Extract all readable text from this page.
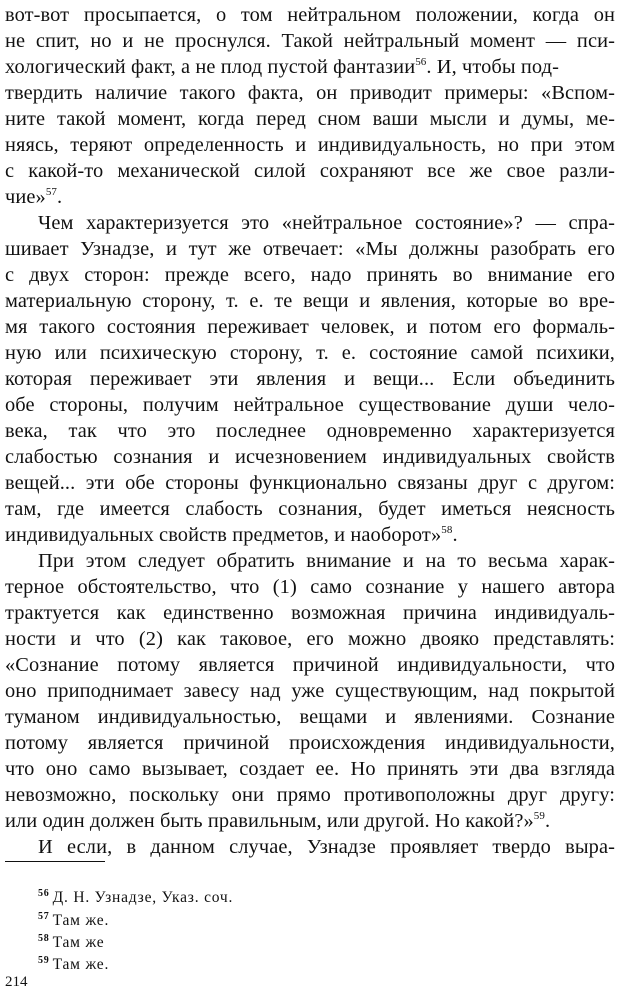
вот-вот просыпается, о том нейтральном положении, когда он
не спит, но и не проснулся. Такой нейтральный момент — пси-
хологический факт, а не плод пустой фантазии$^{56}$. И, чтобы под-
твердить наличие такого факта, он приводит примеры: «Вспом-
ните такой момент, когда перед сном ваши мысли и думы, ме-
няясь, теряют определенность и индивидуальность, но при этом
с какой-то механической силой сохраняют все же свое разли-
чие»$^{57}$.
Чем характеризуется это «нейтральное состояние»? — спра-
шивает Узнадзе, и тут же отвечает: «Мы должны разобрать его
с двух сторон: прежде всего, надо принять во внимание его
материальную сторону, т. е. те вещи и явления, которые во вре-
мя такого состояния переживает человек, и потом его формаль-
ную или психическую сторону, т. е. состояние самой психики,
которая переживает эти явления и вещи... Если объединить
обе стороны, получим нейтральное существование души чело-
века, так что это последнее одновременно характеризуется
слабостью сознания и исчезновением индивидуальных свойств
вещей... эти обе стороны функционально связаны друг с другом:
там, где имеется слабость сознания, будет иметься неясность
индивидуальных свойств предметов, и наоборот»$^{58}$.
При этом следует обратить внимание и на то весьма харак-
терное обстоятельство, что (1) само сознание у нашего автора
трактуется как единственно возможная причина индивидуаль-
ности и что (2) как таковое, его можно двояко представлять:
«Сознание потому является причиной индивидуальности, что
оно приподнимает завесу над уже существующим, над покрытой
туманом индивидуальностью, вещами и явлениями. Сознание
потому является причиной происхождения индивидуальности,
что оно само вызывает, создает ее. Но принять эти два взгляда
невозможно, поскольку они прямо противоположны друг другу:
или один должен быть правильным, или другой. Но какой?»$^{59}$.
И если, в данном случае, Узнадзе проявляет твердо выра-
$^{56}$ Д. Н. Узнадзе, Указ. соч.
$^{57}$ Там же.
$^{58}$ Там же
$^{59}$ Там же.
214
